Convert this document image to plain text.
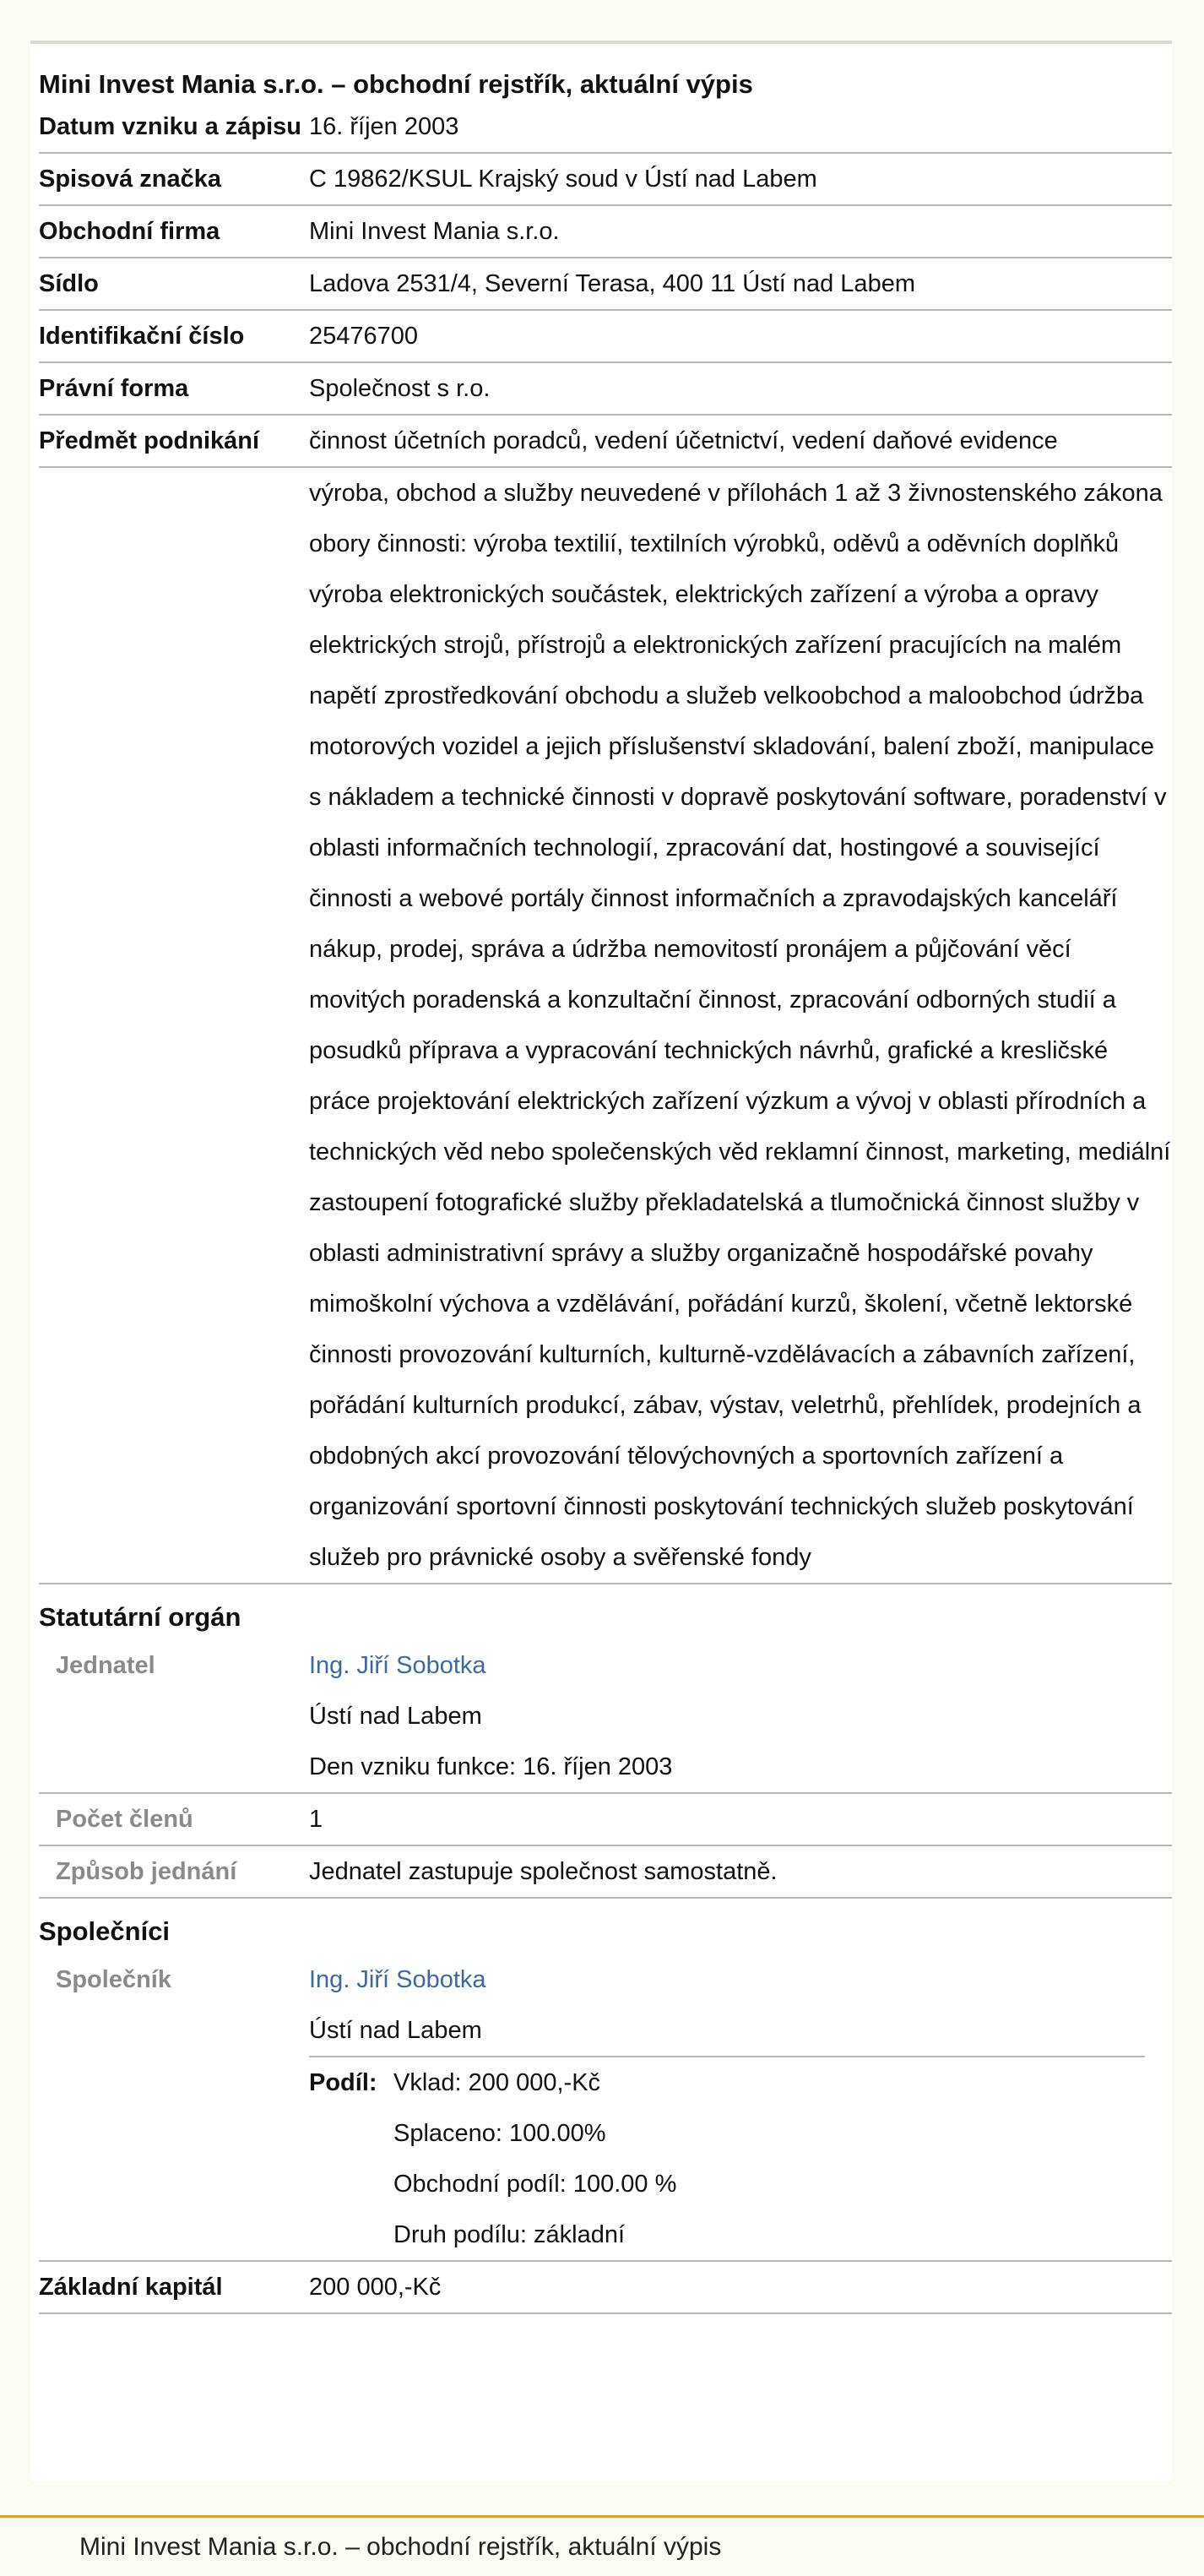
Mini Invest Mania s.r.o. – obchodní rejstřík, aktuální výpis
Datum vzniku a zápisu 16. říjen 2003
Spisová značka	C 19862/KSUL Krajský soud v Ústí nad Labem
Obchodní firma	Mini Invest Mania s.r.o.
Sídlo	Ladova 2531/4, Severní Terasa, 400 11 Ústí nad Labem
Identifikační číslo	25476700
Právní forma	Společnost s r.o.
Předmět podnikání	činnost účetních poradců, vedení účetnictví, vedení daňové evidence
výroba, obchod a služby neuvedené v přílohách 1 až 3 živnostenského zákona obory činnosti: výroba textilií, textilních výrobků, oděvů a oděvních doplňků výroba elektronických součástek, elektrických zařízení a výroba a opravy elektrických strojů, přístrojů a elektronických zařízení pracujících na malém napětí zprostředkování obchodu a služeb velkoobchod a maloobchod údržba motorových vozidel a jejich příslušenství skladování, balení zboží, manipulace s nákladem a technické činnosti v dopravě poskytování software, poradenství v oblasti informačních technologií, zpracování dat, hostingové a související činnosti a webové portály činnost informačních a zpravodajských kanceláří nákup, prodej, správa a údržba nemovitostí pronájem a půjčování věcí movitých poradenská a konzultační činnost, zpracování odborných studií a posudků příprava a vypracování technických návrhů, grafické a kresličské práce projektování elektrických zařízení výzkum a vývoj v oblasti přírodních a technických věd nebo společenských věd reklamní činnost, marketing, mediální zastoupení fotografické služby překladatelská a tlumočnická činnost služby v oblasti administrativní správy a služby organizačně hospodářské povahy mimoškolní výchova a vzdělávání, pořádání kurzů, školení, včetně lektorské činnosti provozování kulturních, kulturně-vzdělávacích a zábavních zařízení, pořádání kulturních produkcí, zábav, výstav, veletrhů, přehlídek, prodejních a obdobných akcí provozování tělovýchovných a sportovních zařízení a organizování sportovní činnosti poskytování technických služeb poskytování služeb pro právnické osoby a svěřenské fondy
Statutární orgán
Jednatel	Ing. Jiří Sobotka
Ústí nad Labem
Den vzniku funkce: 16. říjen 2003
Počet členů	1
Způsob jednání	Jednatel zastupuje společnost samostatně.
Společníci
Společník	Ing. Jiří Sobotka
Ústí nad Labem
Podíl: Vklad: 200 000,-Kč
Splaceno: 100.00%
Obchodní podíl: 100.00 %
Druh podílu: základní
Základní kapitál	200 000,-Kč
Mini Invest Mania s.r.o. – obchodní rejstřík, aktuální výpis
